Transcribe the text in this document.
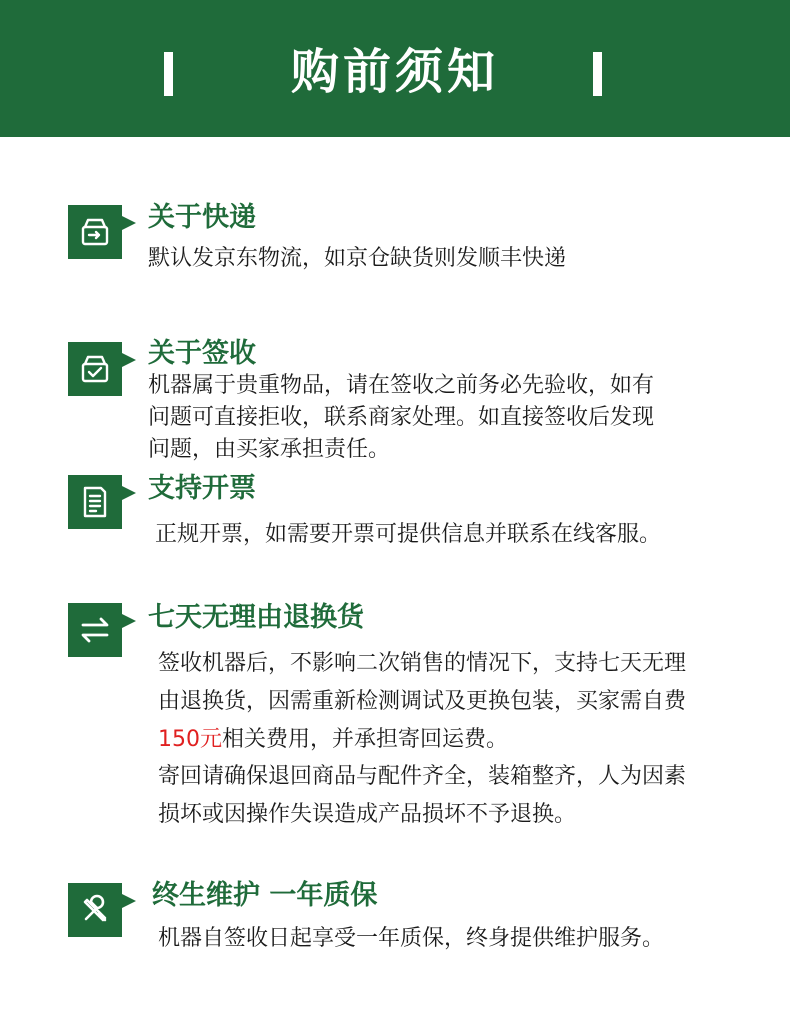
购前须知
关于快递

默认发京东物流，如京仓缺货则发顺丰快递

关于签收

机器属于贵重物品，请在签收之前务必先验收，如有

问题可直接拒收，联系商家处理。如直接签收后发现

问题，由买家承担责任。

支持开票

正规开票，如需要开票可提供信息并联系在线客服。

七天无理由退换货

签收机器后，不影响二次销售的情况下，支持七天无理

由退换货，因需重新检测调试及更换包装，买家需自费

150元相关费用，并承担寄回运费。

寄回请确保退回商品与配件齐全，装箱整齐，人为因素

损坏或因操作失误造成产品损坏不予退换。

终生维护 一年质保

机器自签收日起享受一年质保，终身提供维护服务。
